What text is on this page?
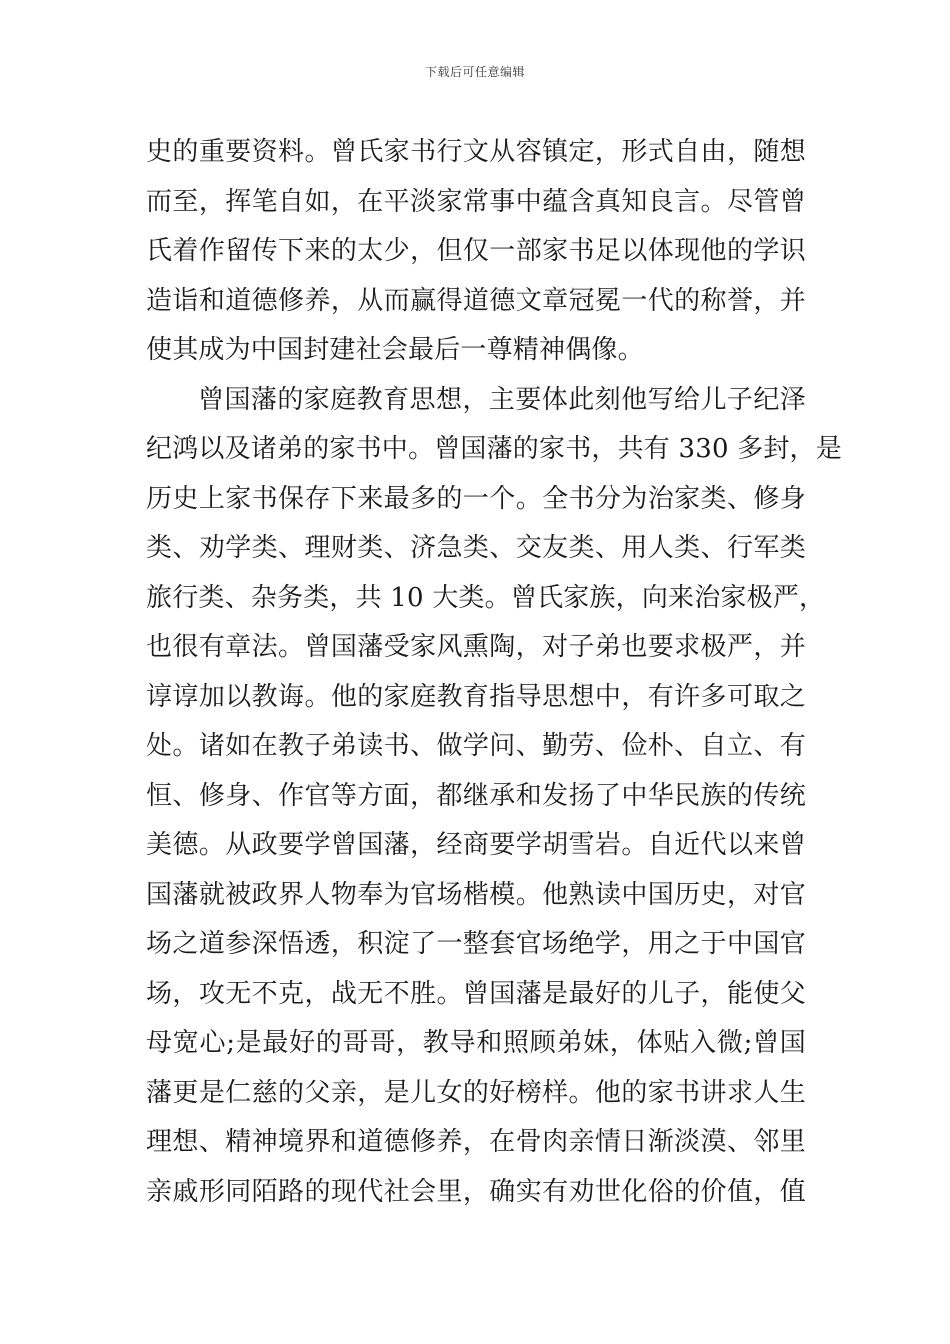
下载后可任意编辑
史的重要资料。曾氏家书行文从容镇定，形式自由，随想
而至，挥笔自如，在平淡家常事中蕴含真知良言。尽管曾
氏着作留传下来的太少，但仅一部家书足以体现他的学识
造诣和道德修养，从而赢得道德文章冠冕一代的称誉，并
使其成为中国封建社会最后一尊精神偶像。
曾国藩的家庭教育思想，主要体此刻他写给儿子纪泽
纪鸿以及诸弟的家书中。曾国藩的家书，共有 330 多封，是
历史上家书保存下来最多的一个。全书分为治家类、修身
类、劝学类、理财类、济急类、交友类、用人类、行军类
旅行类、杂务类，共 10 大类。曾氏家族，向来治家极严，
也很有章法。曾国藩受家风熏陶，对子弟也要求极严，并
谆谆加以教诲。他的家庭教育指导思想中，有许多可取之
处。诸如在教子弟读书、做学问、勤劳、俭朴、自立、有
恒、修身、作官等方面，都继承和发扬了中华民族的传统
美德。从政要学曾国藩，经商要学胡雪岩。自近代以来曾
国藩就被政界人物奉为官场楷模。他熟读中国历史，对官
场之道参深悟透，积淀了一整套官场绝学，用之于中国官
场，攻无不克，战无不胜。曾国藩是最好的儿子，能使父
母宽心;是最好的哥哥，教导和照顾弟妹，体贴入微;曾国
藩更是仁慈的父亲，是儿女的好榜样。他的家书讲求人生
理想、精神境界和道德修养，在骨肉亲情日渐淡漠、邻里
亲戚形同陌路的现代社会里，确实有劝世化俗的价值，值
